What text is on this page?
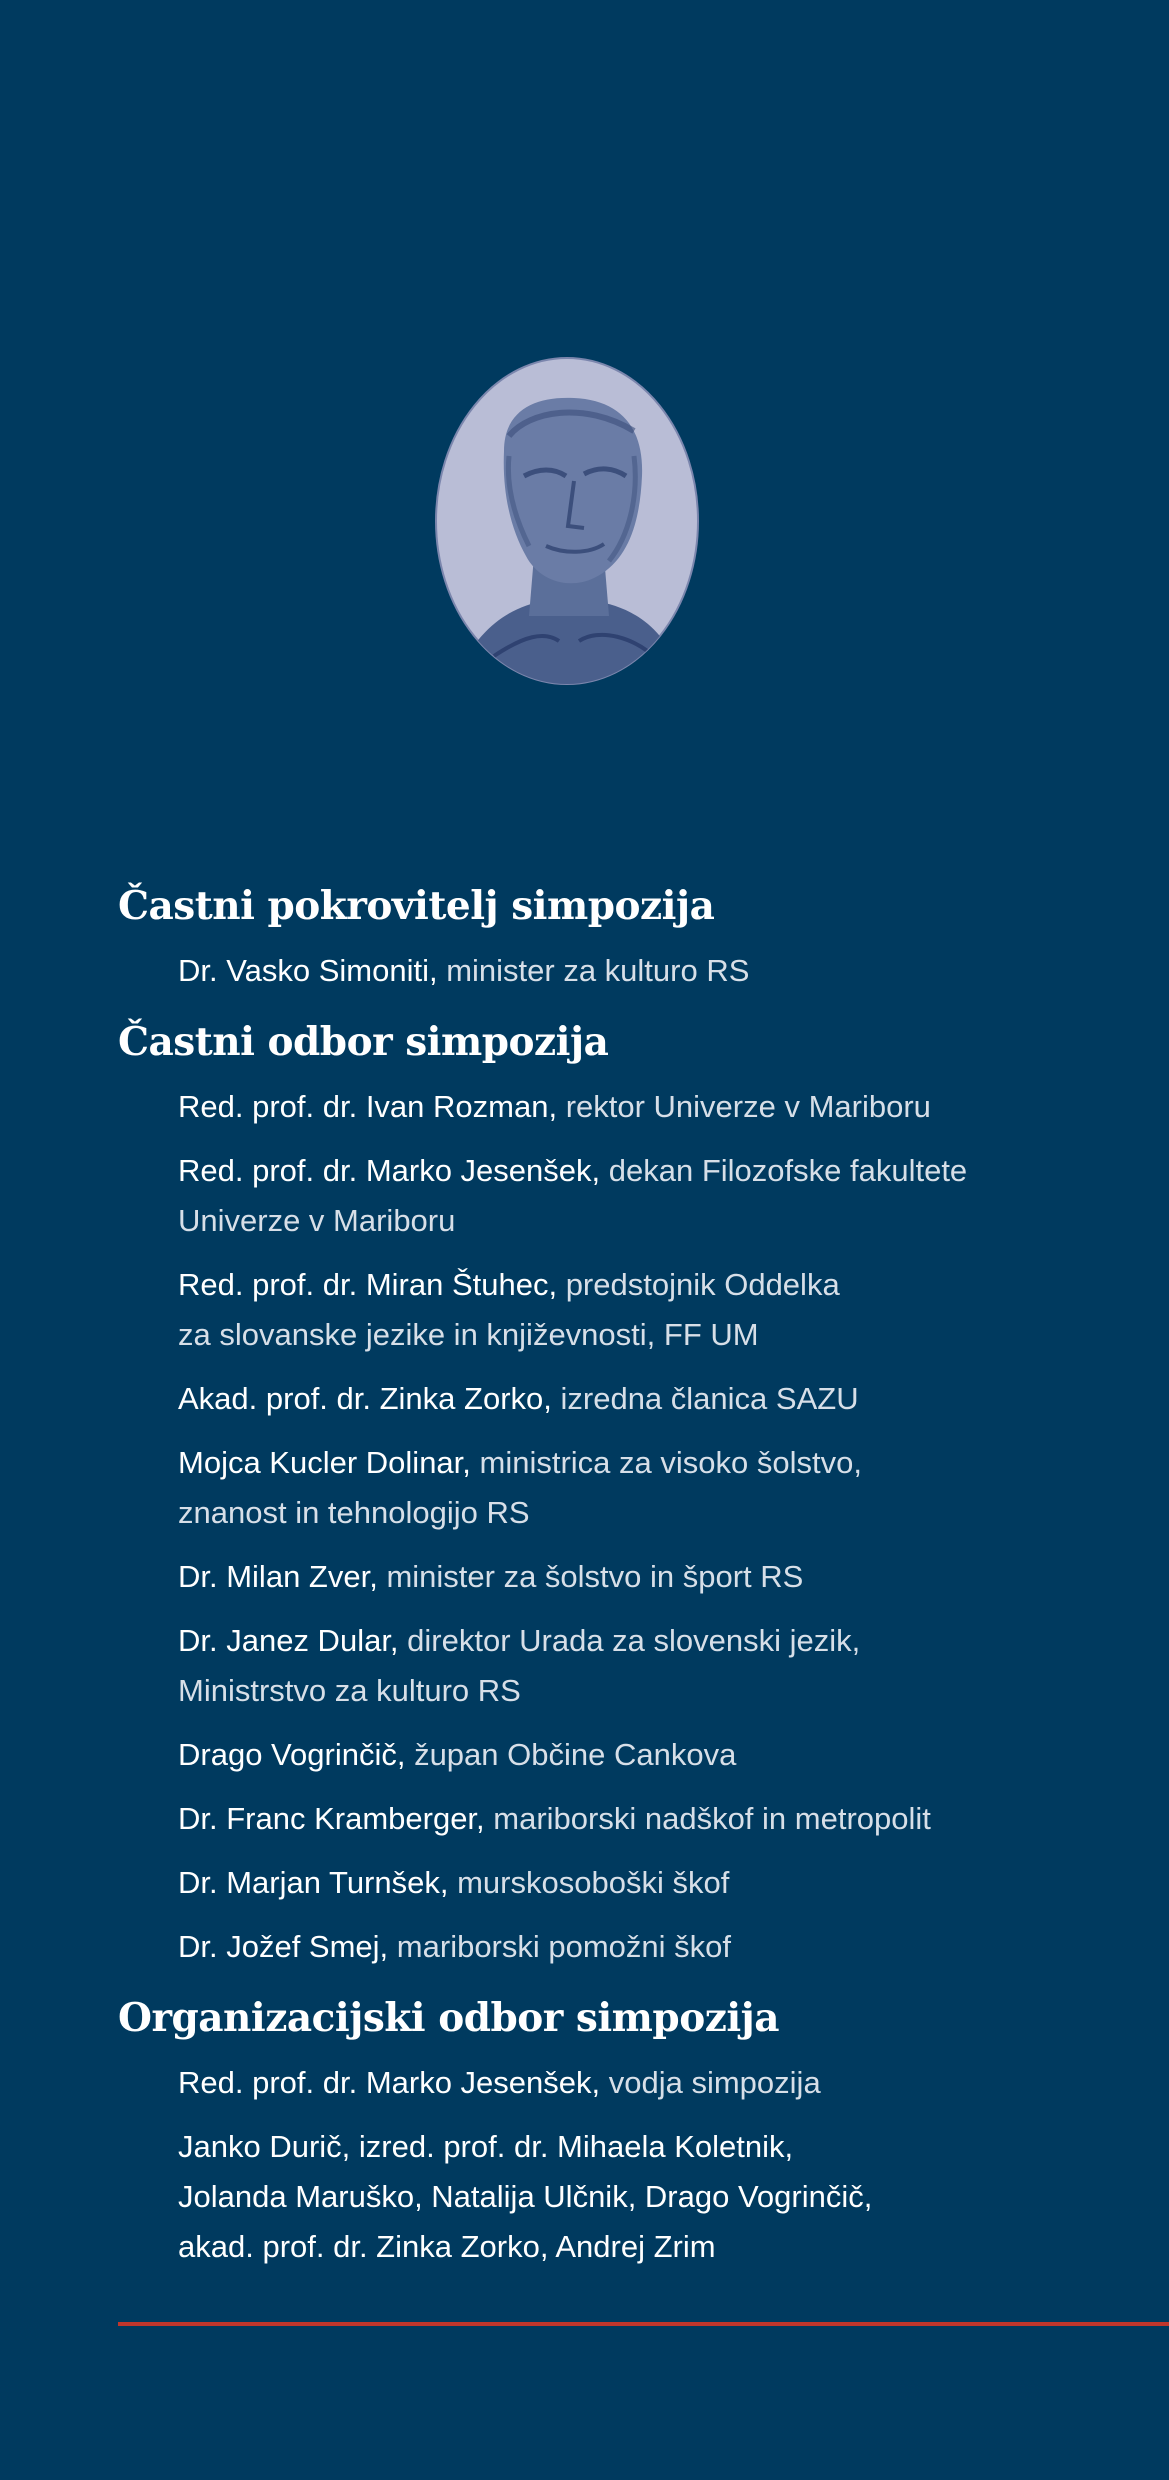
Častni pokrovitelj simpozija
Dr. Vasko Simoniti, minister za kulturo RS
Častni odbor simpozija
Red. prof. dr. Ivan Rozman, rektor Univerze v Mariboru
Red. prof. dr. Marko Jesenšek, dekan Filozofske fakultete
Univerze v Mariboru
Red. prof. dr. Miran Štuhec, predstojnik Oddelka
za slovanske jezike in književnosti, FF UM
Akad. prof. dr. Zinka Zorko, izredna članica SAZU
Mojca Kucler Dolinar, ministrica za visoko šolstvo,
znanost in tehnologijo RS
Dr. Milan Zver, minister za šolstvo in šport RS
Dr. Janez Dular, direktor Urada za slovenski jezik,
Ministrstvo za kulturo RS
Drago Vogrinčič, župan Občine Cankova
Dr. Franc Kramberger, mariborski nadškof in metropolit
Dr. Marjan Turnšek, murskosoboški škof
Dr. Jožef Smej, mariborski pomožni škof
Organizacijski odbor simpozija
Red. prof. dr. Marko Jesenšek, vodja simpozija
Janko Durič, izred. prof. dr. Mihaela Koletnik,
Jolanda Maruško, Natalija Ulčnik, Drago Vogrinčič,
akad. prof. dr. Zinka Zorko, Andrej Zrim
